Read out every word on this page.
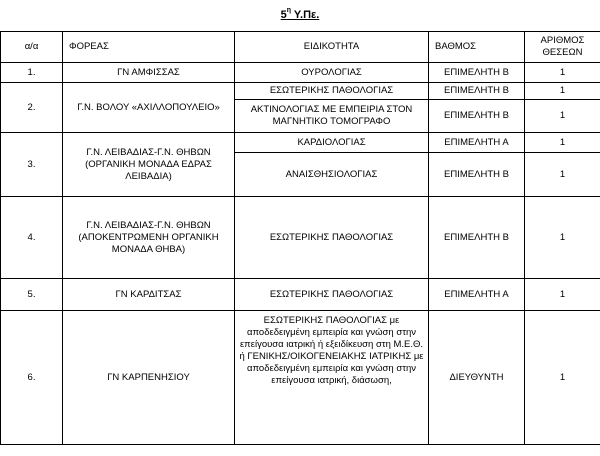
$5^\eta$ Υ.Πε.
α/α	ΦΟΡΕΑΣ	ΕΙΔΙΚΟΤΗΤΑ	ΒΑΘΜΟΣ	ΑΡΙΘΜΟΣ ΘΕΣΕΩΝ
1.	ΓΝ ΑΜΦΙΣΣΑΣ	ΟΥΡΟΛΟΓΙΑΣ	ΕΠΙΜΕΛΗΤΗ Β	1
2.	Γ.Ν. ΒΟΛΟΥ «ΑΧΙΛΛΟΠΟΥΛΕΙΟ»	ΕΣΩΤΕΡΙΚΗΣ ΠΑΘΟΛΟΓΙΑΣ	ΕΠΙΜΕΛΗΤΗ Β	1
		ΑΚΤΙΝΟΛΟΓΙΑΣ ΜΕ ΕΜΠΕΙΡΙΑ ΣΤΟΝ ΜΑΓΝΗΤΙΚΟ ΤΟΜΟΓΡΑΦΟ	ΕΠΙΜΕΛΗΤΗ Β	1
3.	Γ.Ν. ΛΕΙΒΑΔΙΑΣ-Γ.Ν. ΘΗΒΩΝ (ΟΡΓΑΝΙΚΗ ΜΟΝΑΔΑ ΕΔΡΑΣ ΛΕΙΒΑΔΙΑ)	ΚΑΡΔΙΟΛΟΓΙΑΣ	ΕΠΙΜΕΛΗΤΗ Α	1
		ΑΝΑΙΣΘΗΣΙΟΛΟΓΙΑΣ	ΕΠΙΜΕΛΗΤΗ Β	1
4.	Γ.Ν. ΛΕΙΒΑΔΙΑΣ-Γ.Ν. ΘΗΒΩΝ (ΑΠΟΚΕΝΤΡΩΜΕΝΗ ΟΡΓΑΝΙΚΗ ΜΟΝΑΔΑ ΘΗΒΑ)	ΕΣΩΤΕΡΙΚΗΣ ΠΑΘΟΛΟΓΙΑΣ	ΕΠΙΜΕΛΗΤΗ Β	1
5.	ΓΝ ΚΑΡΔΙΤΣΑΣ	ΕΣΩΤΕΡΙΚΗΣ ΠΑΘΟΛΟΓΙΑΣ	ΕΠΙΜΕΛΗΤΗ Α	1
6.	ΓΝ ΚΑΡΠΕΝΗΣΙΟΥ	ΕΣΩΤΕΡΙΚΗΣ ΠΑΘΟΛΟΓΙΑΣ με αποδεδειγμένη εμπειρία και γνώση στην επείγουσα ιατρική ή εξειδίκευση στη Μ.Ε.Θ. ή ΓΕΝΙΚΗΣ/ΟΙΚΟΓΕΝΕΙΑΚΗΣ ΙΑΤΡΙΚΗΣ με αποδεδειγμένη εμπειρία και γνώση στην επείγουσα ιατρική, διάσωση,	ΔΙΕΥΘΥΝΤΗ	1
